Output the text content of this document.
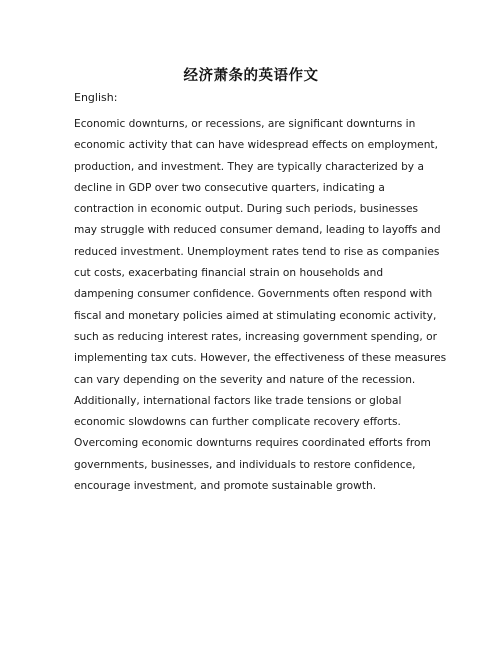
经济萧条的英语作文
English:
Economic downturns, or recessions, are significant downturns in
economic activity that can have widespread effects on employment,
production, and investment. They are typically characterized by a
decline in GDP over two consecutive quarters, indicating a
contraction in economic output. During such periods, businesses
may struggle with reduced consumer demand, leading to layoffs and
reduced investment. Unemployment rates tend to rise as companies
cut costs, exacerbating financial strain on households and
dampening consumer confidence. Governments often respond with
fiscal and monetary policies aimed at stimulating economic activity,
such as reducing interest rates, increasing government spending, or
implementing tax cuts. However, the effectiveness of these measures
can vary depending on the severity and nature of the recession.
Additionally, international factors like trade tensions or global
economic slowdowns can further complicate recovery efforts.
Overcoming economic downturns requires coordinated efforts from
governments, businesses, and individuals to restore confidence,
encourage investment, and promote sustainable growth.
